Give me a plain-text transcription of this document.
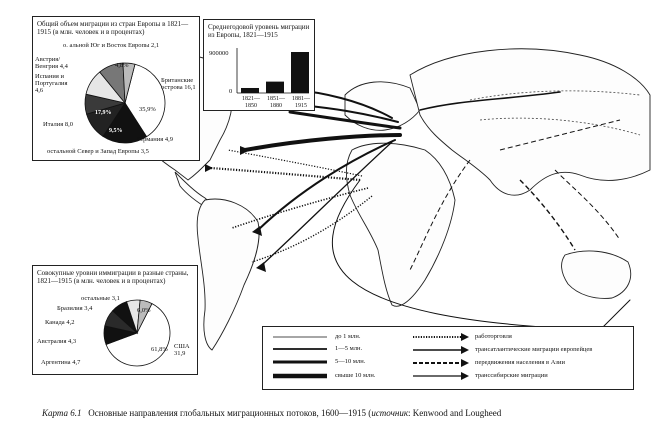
Общий объем миграции из стран Европы в 1821—1915 (в млн. человек и в процентах)
о. альной Юг и Восток Европы 2,1
Австрия/Венгрия 4,4
Испания и Португалия 4,6
Британские острова 16,1
Италия 8,0
Германия 4,9
остальной Север и Запад Европы 3,5
35,9%
4,8%
17,9%
9,5%
Среднегодовой уровень миграции из Европы, 1821—1915
900000
0
1821—1850
1851—1880
1881—1915
Совокупные уровни иммиграции в разные страны, 1821—1915 (в млн. человек и в процентах)
остальные 3,1
Бразилия 3,4
Канада 4,2
Австралия 4,3
Аргентина 4,7
США 31,9
61,8%
6,0%
8,3%
9,0%
до 1 млн.
1—5 млн.
5—10 млн.
свыше 10 млн.
работорговля
трансатлантические миграции европейцев
передвижения населения в Азии
транссибирские миграции
Карта 6.1 Основные направления глобальных миграционных потоков, 1600—1915 (источник: Kenwood and Lougheed
